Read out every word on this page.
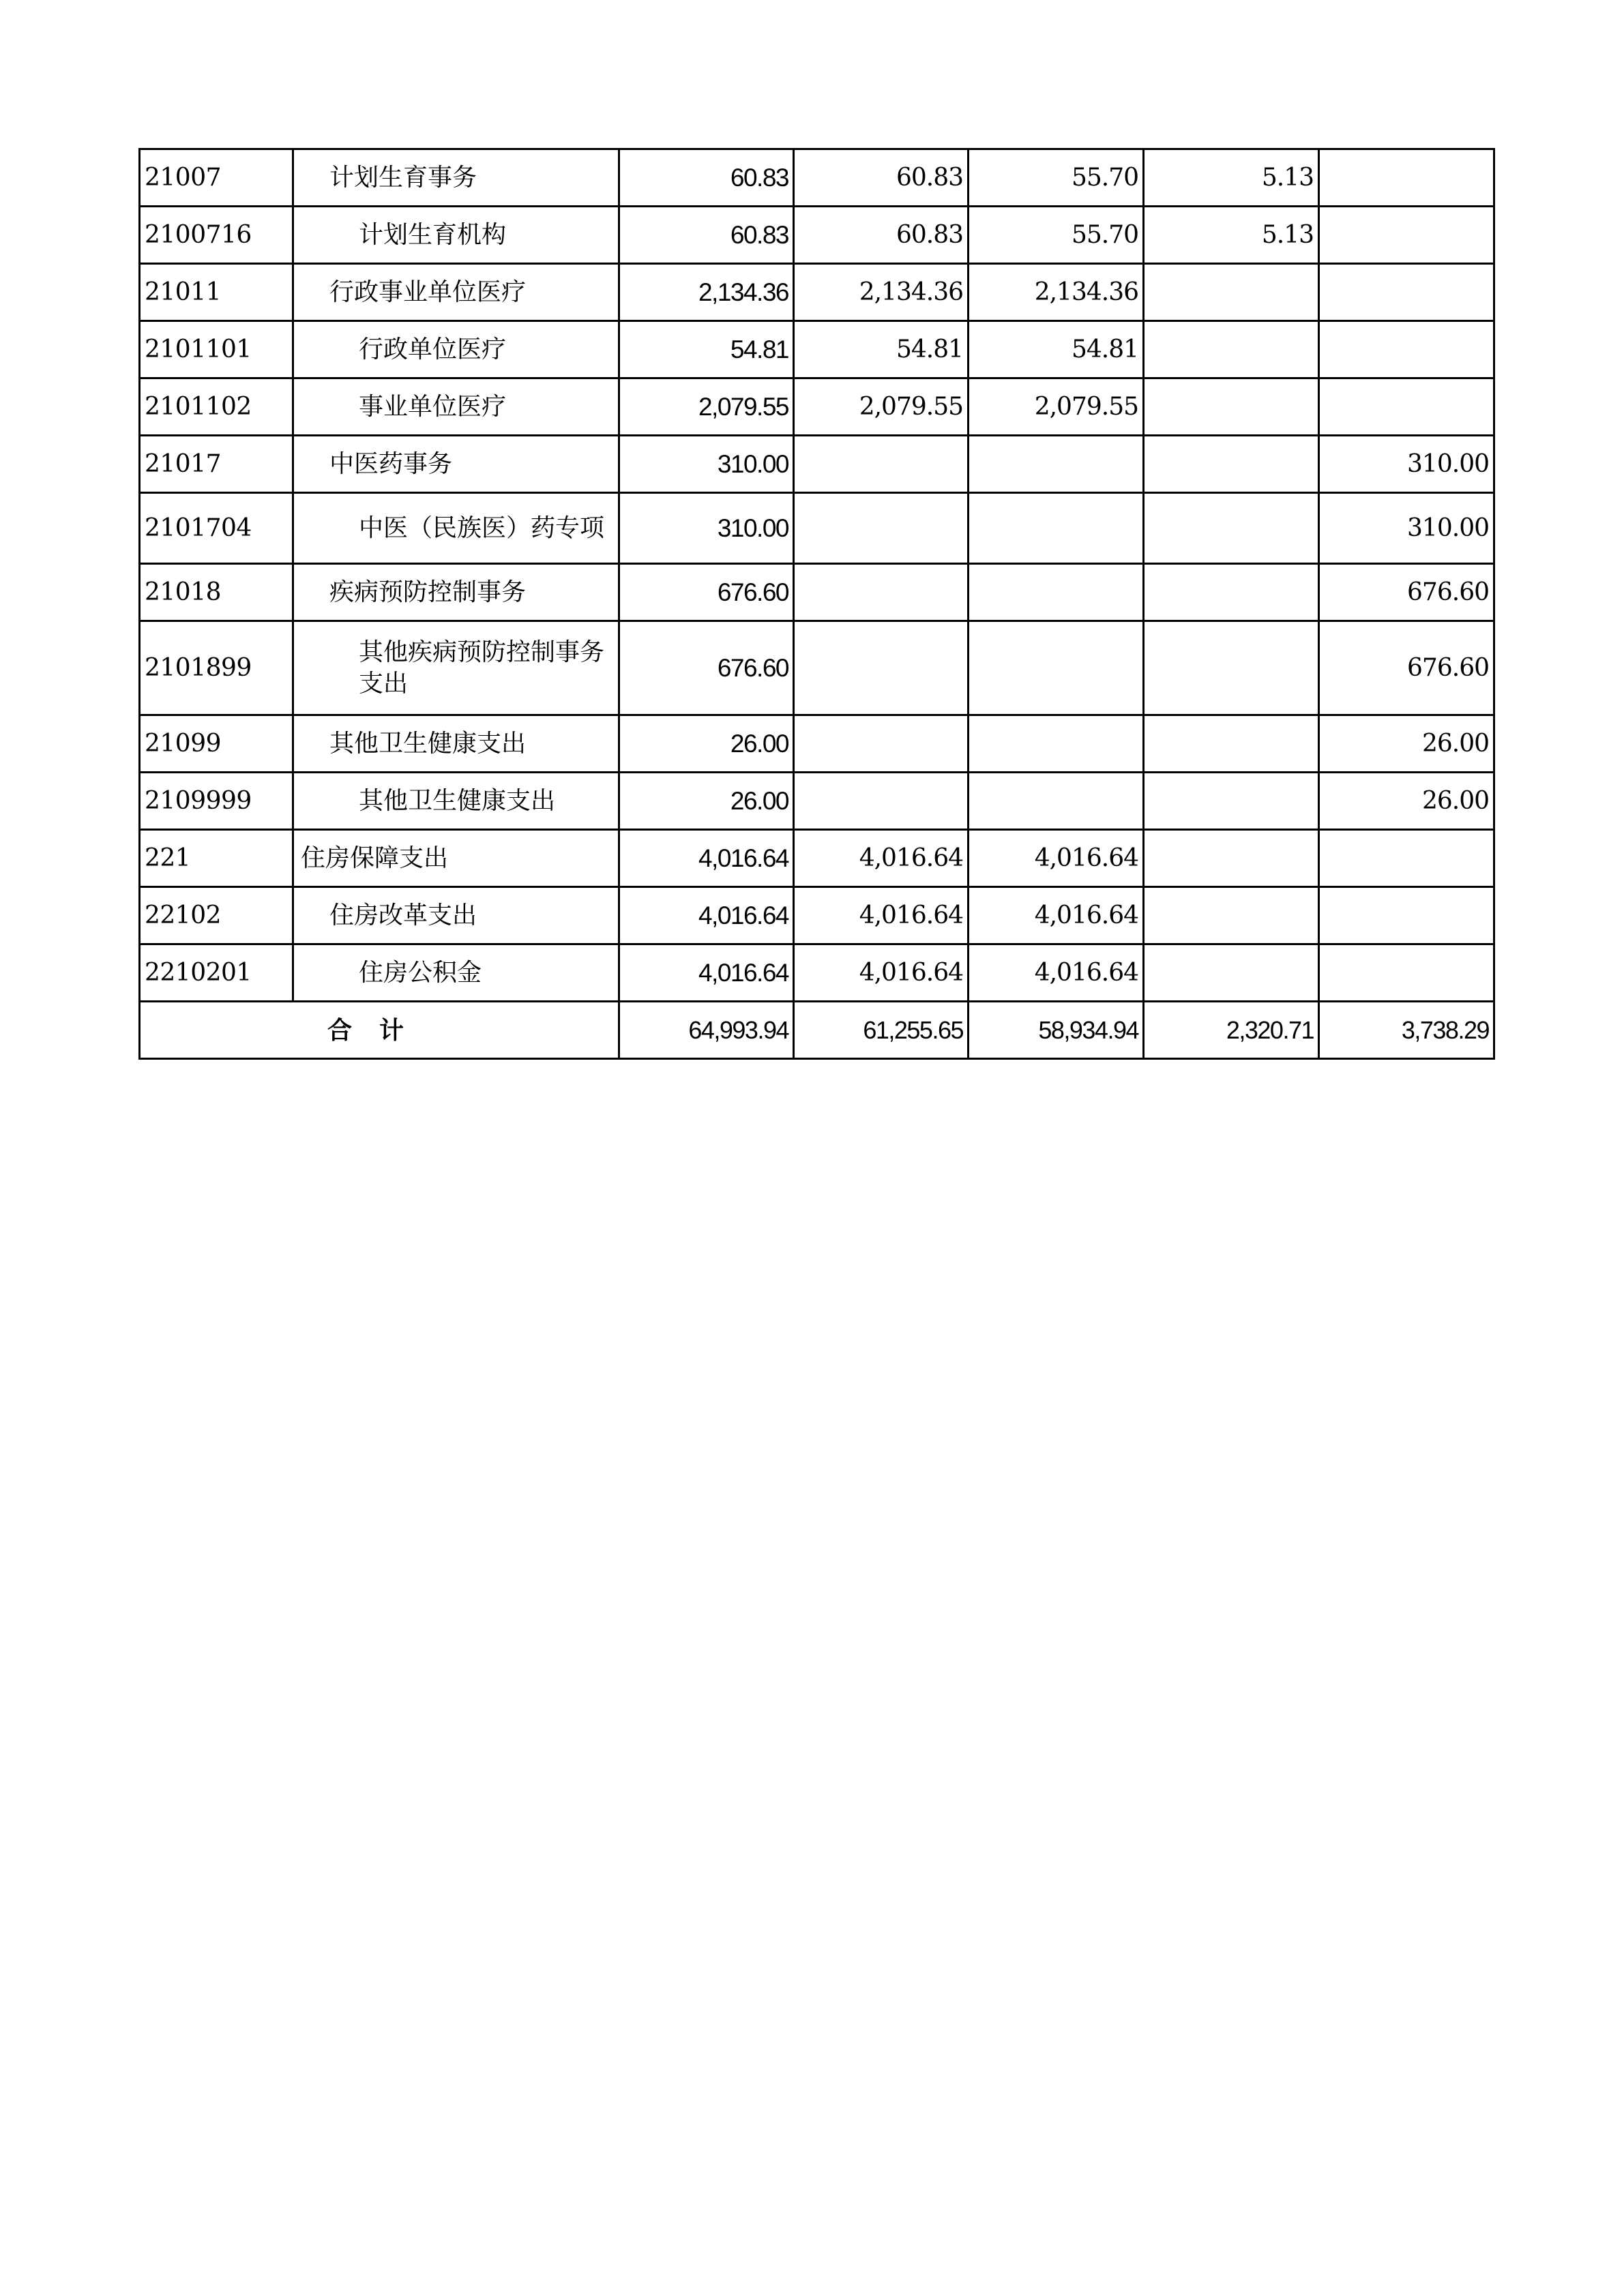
21007	计划生育事务	60.83	60.83	55.70	5.13	
2100716	计划生育机构	60.83	60.83	55.70	5.13	
21011	行政事业单位医疗	2,134.36	2,134.36	2,134.36		
2101101	行政单位医疗	54.81	54.81	54.81		
2101102	事业单位医疗	2,079.55	2,079.55	2,079.55		
21017	中医药事务	310.00				310.00
2101704	中医（民族医）药专项	310.00				310.00
21018	疾病预防控制事务	676.60				676.60
2101899	其他疾病预防控制事务支出	676.60				676.60
21099	其他卫生健康支出	26.00				26.00
2109999	其他卫生健康支出	26.00				26.00
221	住房保障支出	4,016.64	4,016.64	4,016.64		
22102	住房改革支出	4,016.64	4,016.64	4,016.64		
2210201	住房公积金	4,016.64	4,016.64	4,016.64		
合计		64,993.94	61,255.65	58,934.94	2,320.71	3,738.29
